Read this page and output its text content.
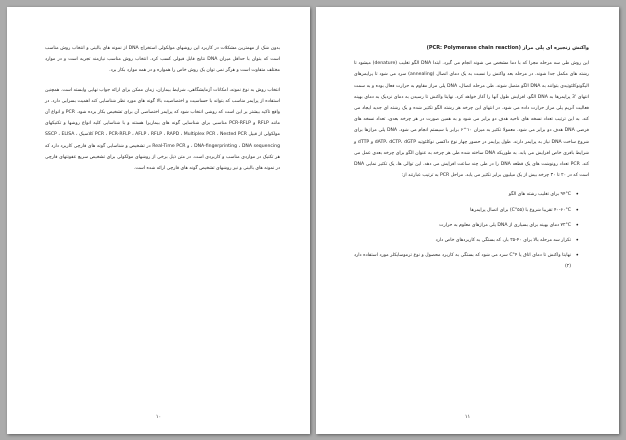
بدون شک از مهمترین مشکلات در کاربرد این روشهای مولکولی استخراج DNA از نمونه های بالینی و انتخاب روش مناسب است که بتوان با حداقل میزان DNA نتایج قابل قبولی کسب کرد. انتخاب روش مناسب نیازمند تجربه است و در موارد مختلف متفاوت است و هرگز نمی توان یک روش خاص را همواره و در همه موارد بکار برد.

انتخاب روش به نوع نمونه، امکانات آزمایشگاهی، شرایط بیماران، زمان ممکن برای ارائه جواب نهایی وابسته است. همچنین استفاده از پرایمر مناسب که بتواند با حساسیت و اختصاصیت بالا گونه های مورد نظر شناسایی کند اهمیت بسزایی دارد. در واقع تاکید بیشتر بر این است که روشی انتخاب شود که پرایمر اختصاصی آن برای تشخیص بکار برده شود. PCR و انواع آن مانند RFLP و PCR-RFLP مناسبی برای شناسایی گونه های بیماریزا هستند و با شناسایی کلیه انواع روشها و تکنیکهای مولکولی از قبیل PCR ، PCR-RFLP ، AFLP ، RFLP ، RAPD ، Multiplex PCR ، Nested PCR کلاسیک ، SSCP ، ELISA ، DNA-fingerprinting ، DNA sequencing و Real-Time PCR در تشخیص و شناسایی گونه های قارچی کاربرد دارد که هر تکنیک در مواردی مناسب و کاربردی است. در متن ذیل برخی از روشهای مولکولی برای تشخیص سریع عفونتهای قارچی در نمونه های بالینی و نیز روشهای تشخیص گونه های قارچی ارائه شده است.

۱۰
واکنش زنجیره ای پلی مراز (PCR: Polymerase chain reaction)

این روش طی سه مرحله مجزا که با دما مشخص می شوند انجام می گیرد. ابتدا DNA الگو تغلیب (denature) میشود تا رشته های مکمل جدا شوند. در مرحله بعد واکنش را نسبت به یک دمای اتصال (annealing) سرد می شود تا پرایمرهای الیگونوکلئوتیدی بتوانند به DNA الگو متصل شوند. طی مرحله اتصال، DNA پلی مراز مقاوم به حرارت فعال بوده و به سمت انتهای '3 پرایمرها به DNA الگو، افزایش طول آنها را آغاز خواهد کرد. نهایتا واکنش تا رسیدن به دمای نزدیک به دمای بهینه فعالیت آنزیم پلی مراز حرارت داده می شود. در انتهای این چرخه هر رشته الگو تکثیر شده و یک رشته ای جدید ایجاد می کند. به این ترتیب تعداد نسخه های ناحیه هدف دو برابر می شود و به همین صورت در هر چرخه بعدی، تعداد نسخه های فرضی DNA هدف دو برابر می شود. معمولا تکثیر به میزان ۱۰^۶ برابر با سیستم انجام می شود. DNA پلی مرازها برای شروع ساخت DNA نیاز به پرایمر دارند. طول پرایمر در حضور چهار نوع داکسی نوکلئوتید dATP، dCTP، dGTP و dTTP و شرایط بافری خاص افزایش می یابد. به طوریکه DNA ساخته شده طی هر چرخه به عنوان الگو برای چرخه بعدی عمل می کند. PCR تعداد رونوشت های یک قطعه DNA را در طی چند ساعت افزایش می دهد. این توالی ها، یک تکثیر نمایی DNA است که در ۲۰ تا ۳۰ چرخه بیش از یک میلیون برابر تکثیر می یابد. مراحل PCR به ترتیب عبارتند از:

• ۹۴°C برای تغلیب رشته های الگو
• ۴۰-۶۰°C تقریبا شروع با (۵۵°C) برای اتصال پرایمرها
• ۷۲°C دمای بهینه برای بسیاری از DNA پلی مرازهای معلوم به حرارت
• تکرار سه مرحله بالا برای ۴۰-۲۵ بار، که بستگی به کاربردهای خاص دارد
• نهایتا واکنش تا دمای اتاق یا ۴°C سرد می شود که بستگی به کاربرد محصول و نوع ترموسایکلر مورد استفاده دارد (۲)
۱۱
